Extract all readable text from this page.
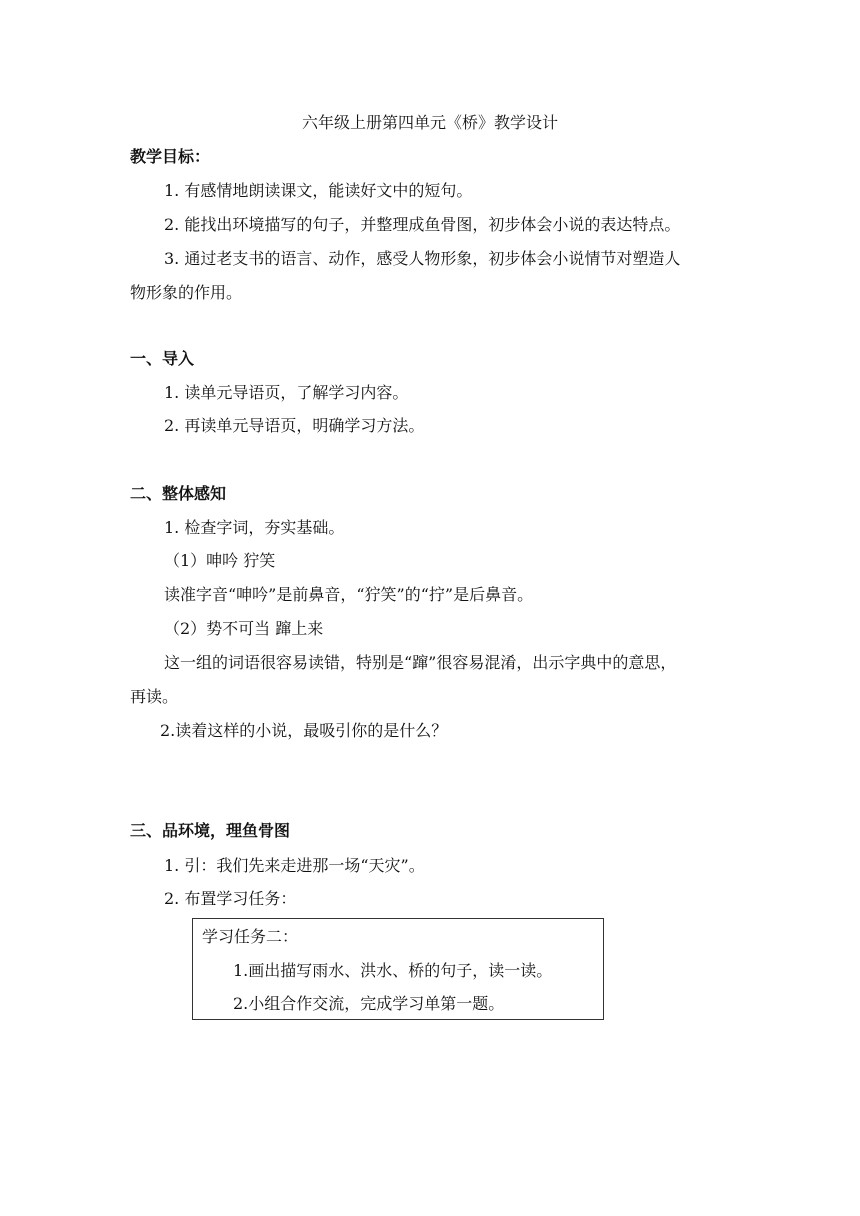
六年级上册第四单元《桥》教学设计
教学目标：
1. 有感情地朗读课文，能读好文中的短句。
2. 能找出环境描写的句子，并整理成鱼骨图，初步体会小说的表达特点。
3. 通过老支书的语言、动作，感受人物形象，初步体会小说情节对塑造人
物形象的作用。
一、导入
1. 读单元导语页，了解学习内容。
2. 再读单元导语页，明确学习方法。
二、整体感知
1. 检查字词，夯实基础。
（1）呻吟 狞笑
读准字音“呻吟”是前鼻音，“狞笑”的“拧”是后鼻音。
（2）势不可当 蹿上来
这一组的词语很容易读错，特别是“蹿”很容易混淆，出示字典中的意思，
再读。
2.读着这样的小说，最吸引你的是什么？
三、品环境，理鱼骨图
1. 引：我们先来走进那一场“天灾”。
2. 布置学习任务：
学习任务二：
1.画出描写雨水、洪水、桥的句子，读一读。
2.小组合作交流，完成学习单第一题。
